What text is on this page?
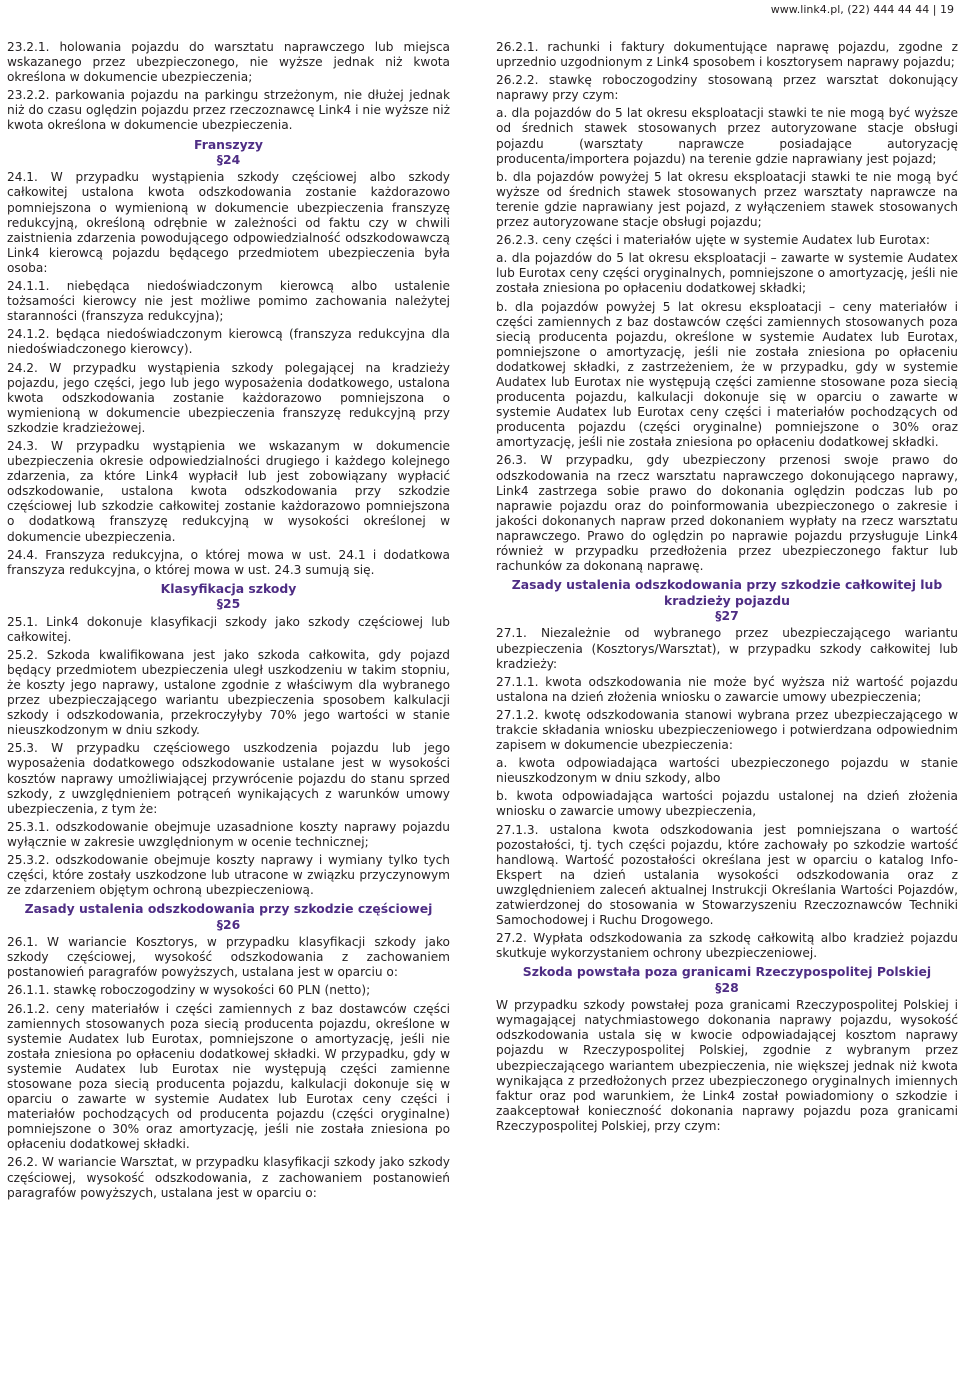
www.link4.pl, (22) 444 44 44 | 19

23.2.1. holowania pojazdu do warsztatu naprawczego lub miejsca wskazanego przez ubezpieczonego, nie wyższe jednak niż kwota określona w dokumencie ubezpieczenia;

23.2.2. parkowania pojazdu na parkingu strzeżonym, nie dłużej jednak niż do czasu oględzin pojazdu przez rzeczoznawcę Link4 i nie wyższe niż kwota określona w dokumencie ubezpieczenia.

Franszyzy
§24

24.1. W przypadku wystąpienia szkody częściowej albo szkody całkowitej ustalona kwota odszkodowania zostanie każdorazowo pomniejszona o wymienioną w dokumencie ubezpieczenia franszyzę redukcyjną, określoną odrębnie w zależności od faktu czy w chwili zaistnienia zdarzenia powodującego odpowiedzialność odszkodowawczą Link4 kierowcą pojazdu będącego przedmiotem ubezpieczenia była osoba:

24.1.1. niebędąca niedoświadczonym kierowcą albo ustalenie tożsamości kierowcy nie jest możliwe pomimo zachowania należytej staranności (franszyza redukcyjna);

24.1.2. będąca niedoświadczonym kierowcą (franszyza redukcyjna dla niedoświadczonego kierowcy).

24.2. W przypadku wystąpienia szkody polegającej na kradzieży pojazdu, jego części, jego lub jego wyposażenia dodatkowego, ustalona kwota odszkodowania zostanie każdorazowo pomniejszona o wymienioną w dokumencie ubezpieczenia franszyzę redukcyjną przy szkodzie kradzieżowej.

24.3. W przypadku wystąpienia we wskazanym w dokumencie ubezpieczenia okresie odpowiedzialności drugiego i każdego kolejnego zdarzenia, za które Link4 wypłacił lub jest zobowiązany wypłacić odszkodowanie, ustalona kwota odszkodowania przy szkodzie częściowej lub szkodzie całkowitej zostanie każdorazowo pomniejszona o dodatkową franszyzę redukcyjną w wysokości określonej w dokumencie ubezpieczenia.

24.4. Franszyza redukcyjna, o której mowa w ust. 24.1 i dodatkowa franszyza redukcyjna, o której mowa w ust. 24.3 sumują się.

Klasyfikacja szkody
§25

25.1. Link4 dokonuje klasyfikacji szkody jako szkody częściowej lub całkowitej.

25.2. Szkoda kwalifikowana jest jako szkoda całkowita, gdy pojazd będący przedmiotem ubezpieczenia uległ uszkodzeniu w takim stopniu, że koszty jego naprawy, ustalone zgodnie z właściwym dla wybranego przez ubezpieczającego wariantu ubezpieczenia sposobem kalkulacji szkody i odszkodowania, przekroczyłyby 70% jego wartości w stanie nieuszkodzonym w dniu szkody.

25.3. W przypadku częściowego uszkodzenia pojazdu lub jego wyposażenia dodatkowego odszkodowanie ustalane jest w wysokości kosztów naprawy umożliwiającej przywrócenie pojazdu do stanu sprzed szkody, z uwzględnieniem potrąceń wynikających z warunków umowy ubezpieczenia, z tym że:

25.3.1. odszkodowanie obejmuje uzasadnione koszty naprawy pojazdu wyłącznie w zakresie uwzględnionym w ocenie technicznej;

25.3.2. odszkodowanie obejmuje koszty naprawy i wymiany tylko tych części, które zostały uszkodzone lub utracone w związku przyczynowym ze zdarzeniem objętym ochroną ubezpieczeniową.

Zasady ustalenia odszkodowania przy szkodzie częściowej
§26

26.1. W wariancie Kosztorys, w przypadku klasyfikacji szkody jako szkody częściowej, wysokość odszkodowania z zachowaniem postanowień paragrafów powyższych, ustalana jest w oparciu o:

26.1.1. stawkę roboczogodziny w wysokości 60 PLN (netto);

26.1.2. ceny materiałów i części zamiennych z baz dostawców części zamiennych stosowanych poza siecią producenta pojazdu, określone w systemie Audatex lub Eurotax, pomniejszone o amortyzację, jeśli nie została zniesiona po opłaceniu dodatkowej składki. W przypadku, gdy w systemie Audatex lub Eurotax nie występują części zamienne stosowane poza siecią producenta pojazdu, kalkulacji dokonuje się w oparciu o zawarte w systemie Audatex lub Eurotax ceny części i materiałów pochodzących od producenta pojazdu (części oryginalne) pomniejszone o 30% oraz amortyzację, jeśli nie została zniesiona po opłaceniu dodatkowej składki.

26.2. W wariancie Warsztat, w przypadku klasyfikacji szkody jako szkody częściowej, wysokość odszkodowania, z zachowaniem postanowień paragrafów powyższych, ustalana jest w oparciu o:

26.2.1. rachunki i faktury dokumentujące naprawę pojazdu, zgodne z uprzednio uzgodnionym z Link4 sposobem i kosztorysem naprawy pojazdu;

26.2.2. stawkę roboczogodziny stosowaną przez warsztat dokonujący naprawy przy czym:

a. dla pojazdów do 5 lat okresu eksploatacji stawki te nie mogą być wyższe od średnich stawek stosowanych przez autoryzowane stacje obsługi pojazdu (warsztaty naprawcze posiadające autoryzację producenta/importera pojazdu) na terenie gdzie naprawiany jest pojazd;

b. dla pojazdów powyżej 5 lat okresu eksploatacji stawki te nie mogą być wyższe od średnich stawek stosowanych przez warsztaty naprawcze na terenie gdzie naprawiany jest pojazd, z wyłączeniem stawek stosowanych przez autoryzowane stacje obsługi pojazdu;

26.2.3. ceny części i materiałów ujęte w systemie Audatex lub Eurotax:

a. dla pojazdów do 5 lat okresu eksploatacji – zawarte w systemie Audatex lub Eurotax ceny części oryginalnych, pomniejszone o amortyzację, jeśli nie została zniesiona po opłaceniu dodatkowej składki;

b. dla pojazdów powyżej 5 lat okresu eksploatacji – ceny materiałów i części zamiennych z baz dostawców części zamiennych stosowanych poza siecią producenta pojazdu, określone w systemie Audatex lub Eurotax, pomniejszone o amortyzację, jeśli nie została zniesiona po opłaceniu dodatkowej składki, z zastrzeżeniem, że w przypadku, gdy w systemie Audatex lub Eurotax nie występują części zamienne stosowane poza siecią producenta pojazdu, kalkulacji dokonuje się w oparciu o zawarte w systemie Audatex lub Eurotax ceny części i materiałów pochodzących od producenta pojazdu (części oryginalne) pomniejszone o 30% oraz amortyzację, jeśli nie została zniesiona po opłaceniu dodatkowej składki.

26.3. W przypadku, gdy ubezpieczony przenosi swoje prawo do odszkodowania na rzecz warsztatu naprawczego dokonującego naprawy, Link4 zastrzega sobie prawo do dokonania oględzin podczas lub po naprawie pojazdu oraz do poinformowania ubezpieczonego o zakresie i jakości dokonanych napraw przed dokonaniem wypłaty na rzecz warsztatu naprawczego. Prawo do oględzin po naprawie pojazdu przysługuje Link4 również w przypadku przedłożenia przez ubezpieczonego faktur lub rachunków za dokonaną naprawę.

Zasady ustalenia odszkodowania przy szkodzie całkowitej lub kradzieży pojazdu
§27

27.1. Niezależnie od wybranego przez ubezpieczającego wariantu ubezpieczenia (Kosztorys/Warsztat), w przypadku szkody całkowitej lub kradzieży:

27.1.1. kwota odszkodowania nie może być wyższa niż wartość pojazdu ustalona na dzień złożenia wniosku o zawarcie umowy ubezpieczenia;

27.1.2. kwotę odszkodowania stanowi wybrana przez ubezpieczającego w trakcie składania wniosku ubezpieczeniowego i potwierdzana odpowiednim zapisem w dokumencie ubezpieczenia:

a. kwota odpowiadająca wartości ubezpieczonego pojazdu w stanie nieuszkodzonym w dniu szkody, albo

b. kwota odpowiadająca wartości pojazdu ustalonej na dzień złożenia wniosku o zawarcie umowy ubezpieczenia,

27.1.3. ustalona kwota odszkodowania jest pomniejszana o wartość pozostałości, tj. tych części pojazdu, które zachowały po szkodzie wartość handlową. Wartość pozostałości określana jest w oparciu o katalog Info-Ekspert na dzień ustalania wysokości odszkodowania oraz z uwzględnieniem zaleceń aktualnej Instrukcji Określania Wartości Pojazdów, zatwierdzonej do stosowania w Stowarzyszeniu Rzeczoznawców Techniki Samochodowej i Ruchu Drogowego.

27.2. Wypłata odszkodowania za szkodę całkowitą albo kradzież pojazdu skutkuje wykorzystaniem ochrony ubezpieczeniowej.

Szkoda powstała poza granicami Rzeczypospolitej Polskiej
§28

W przypadku szkody powstałej poza granicami Rzeczypospolitej Polskiej i wymagającej natychmiastowego dokonania naprawy pojazdu, wysokość odszkodowania ustala się w kwocie odpowiadającej kosztom naprawy pojazdu w Rzeczypospolitej Polskiej, zgodnie z wybranym przez ubezpieczającego wariantem ubezpieczenia, nie większej jednak niż kwota wynikająca z przedłożonych przez ubezpieczonego oryginalnych imiennych faktur oraz pod warunkiem, że Link4 został powiadomiony o szkodzie i zaakceptował konieczność dokonania naprawy pojazdu poza granicami Rzeczypospolitej Polskiej, przy czym:
